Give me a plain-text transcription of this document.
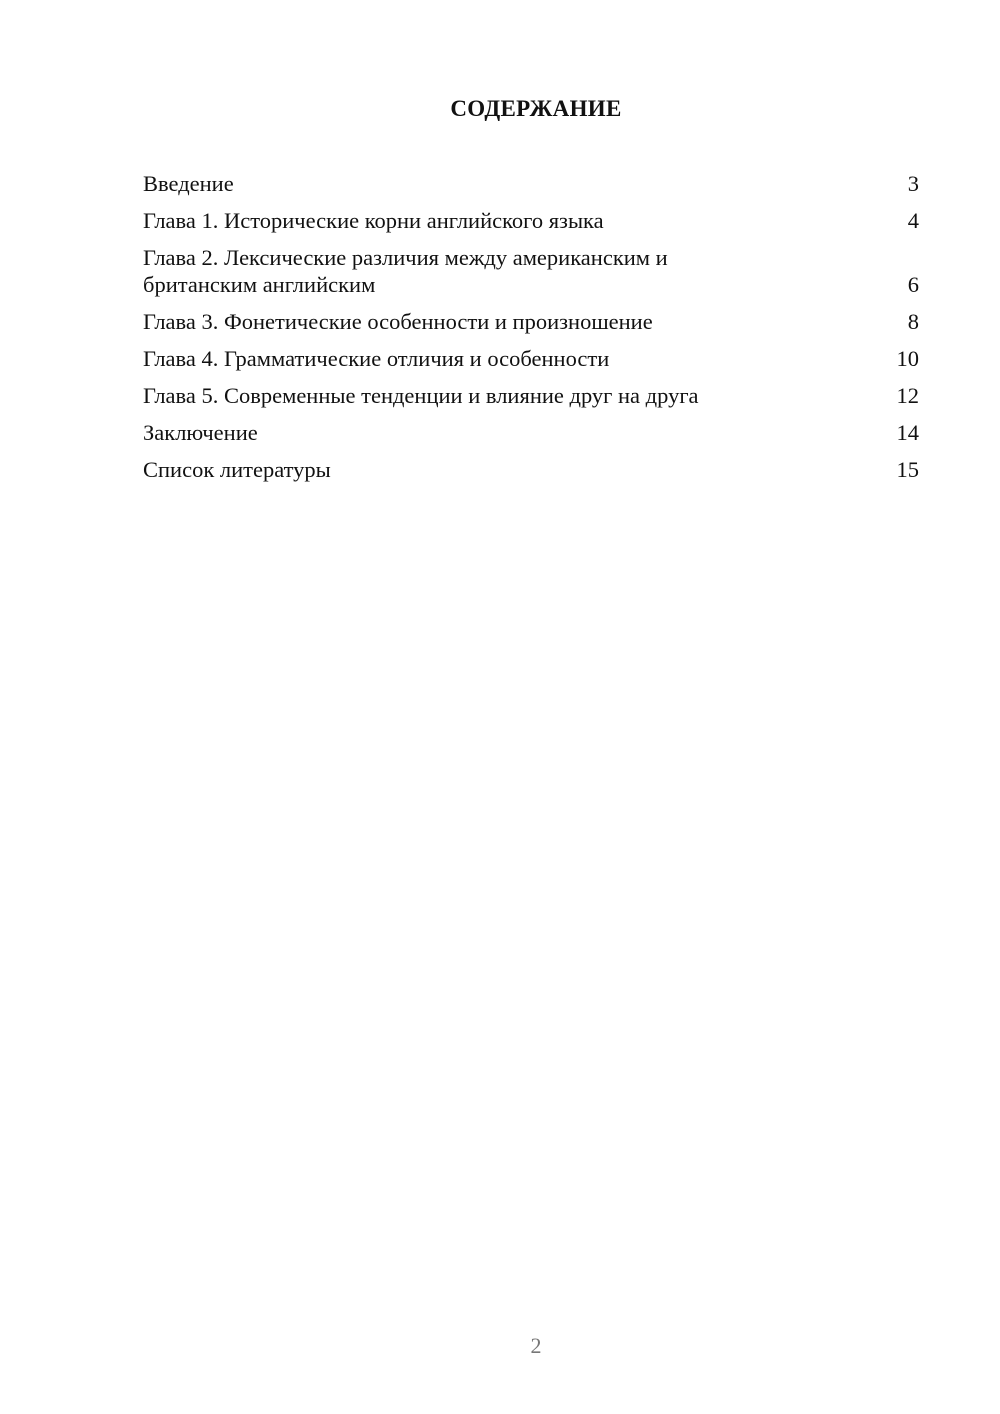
СОДЕРЖАНИЕ
Введение	3
Глава 1. Исторические корни английского языка	4
Глава 2. Лексические различия между американским и британским английским	6
Глава 3. Фонетические особенности и произношение	8
Глава 4. Грамматические отличия и особенности	10
Глава 5. Современные тенденции и влияние друг на друга	12
Заключение	14
Список литературы	15
2
